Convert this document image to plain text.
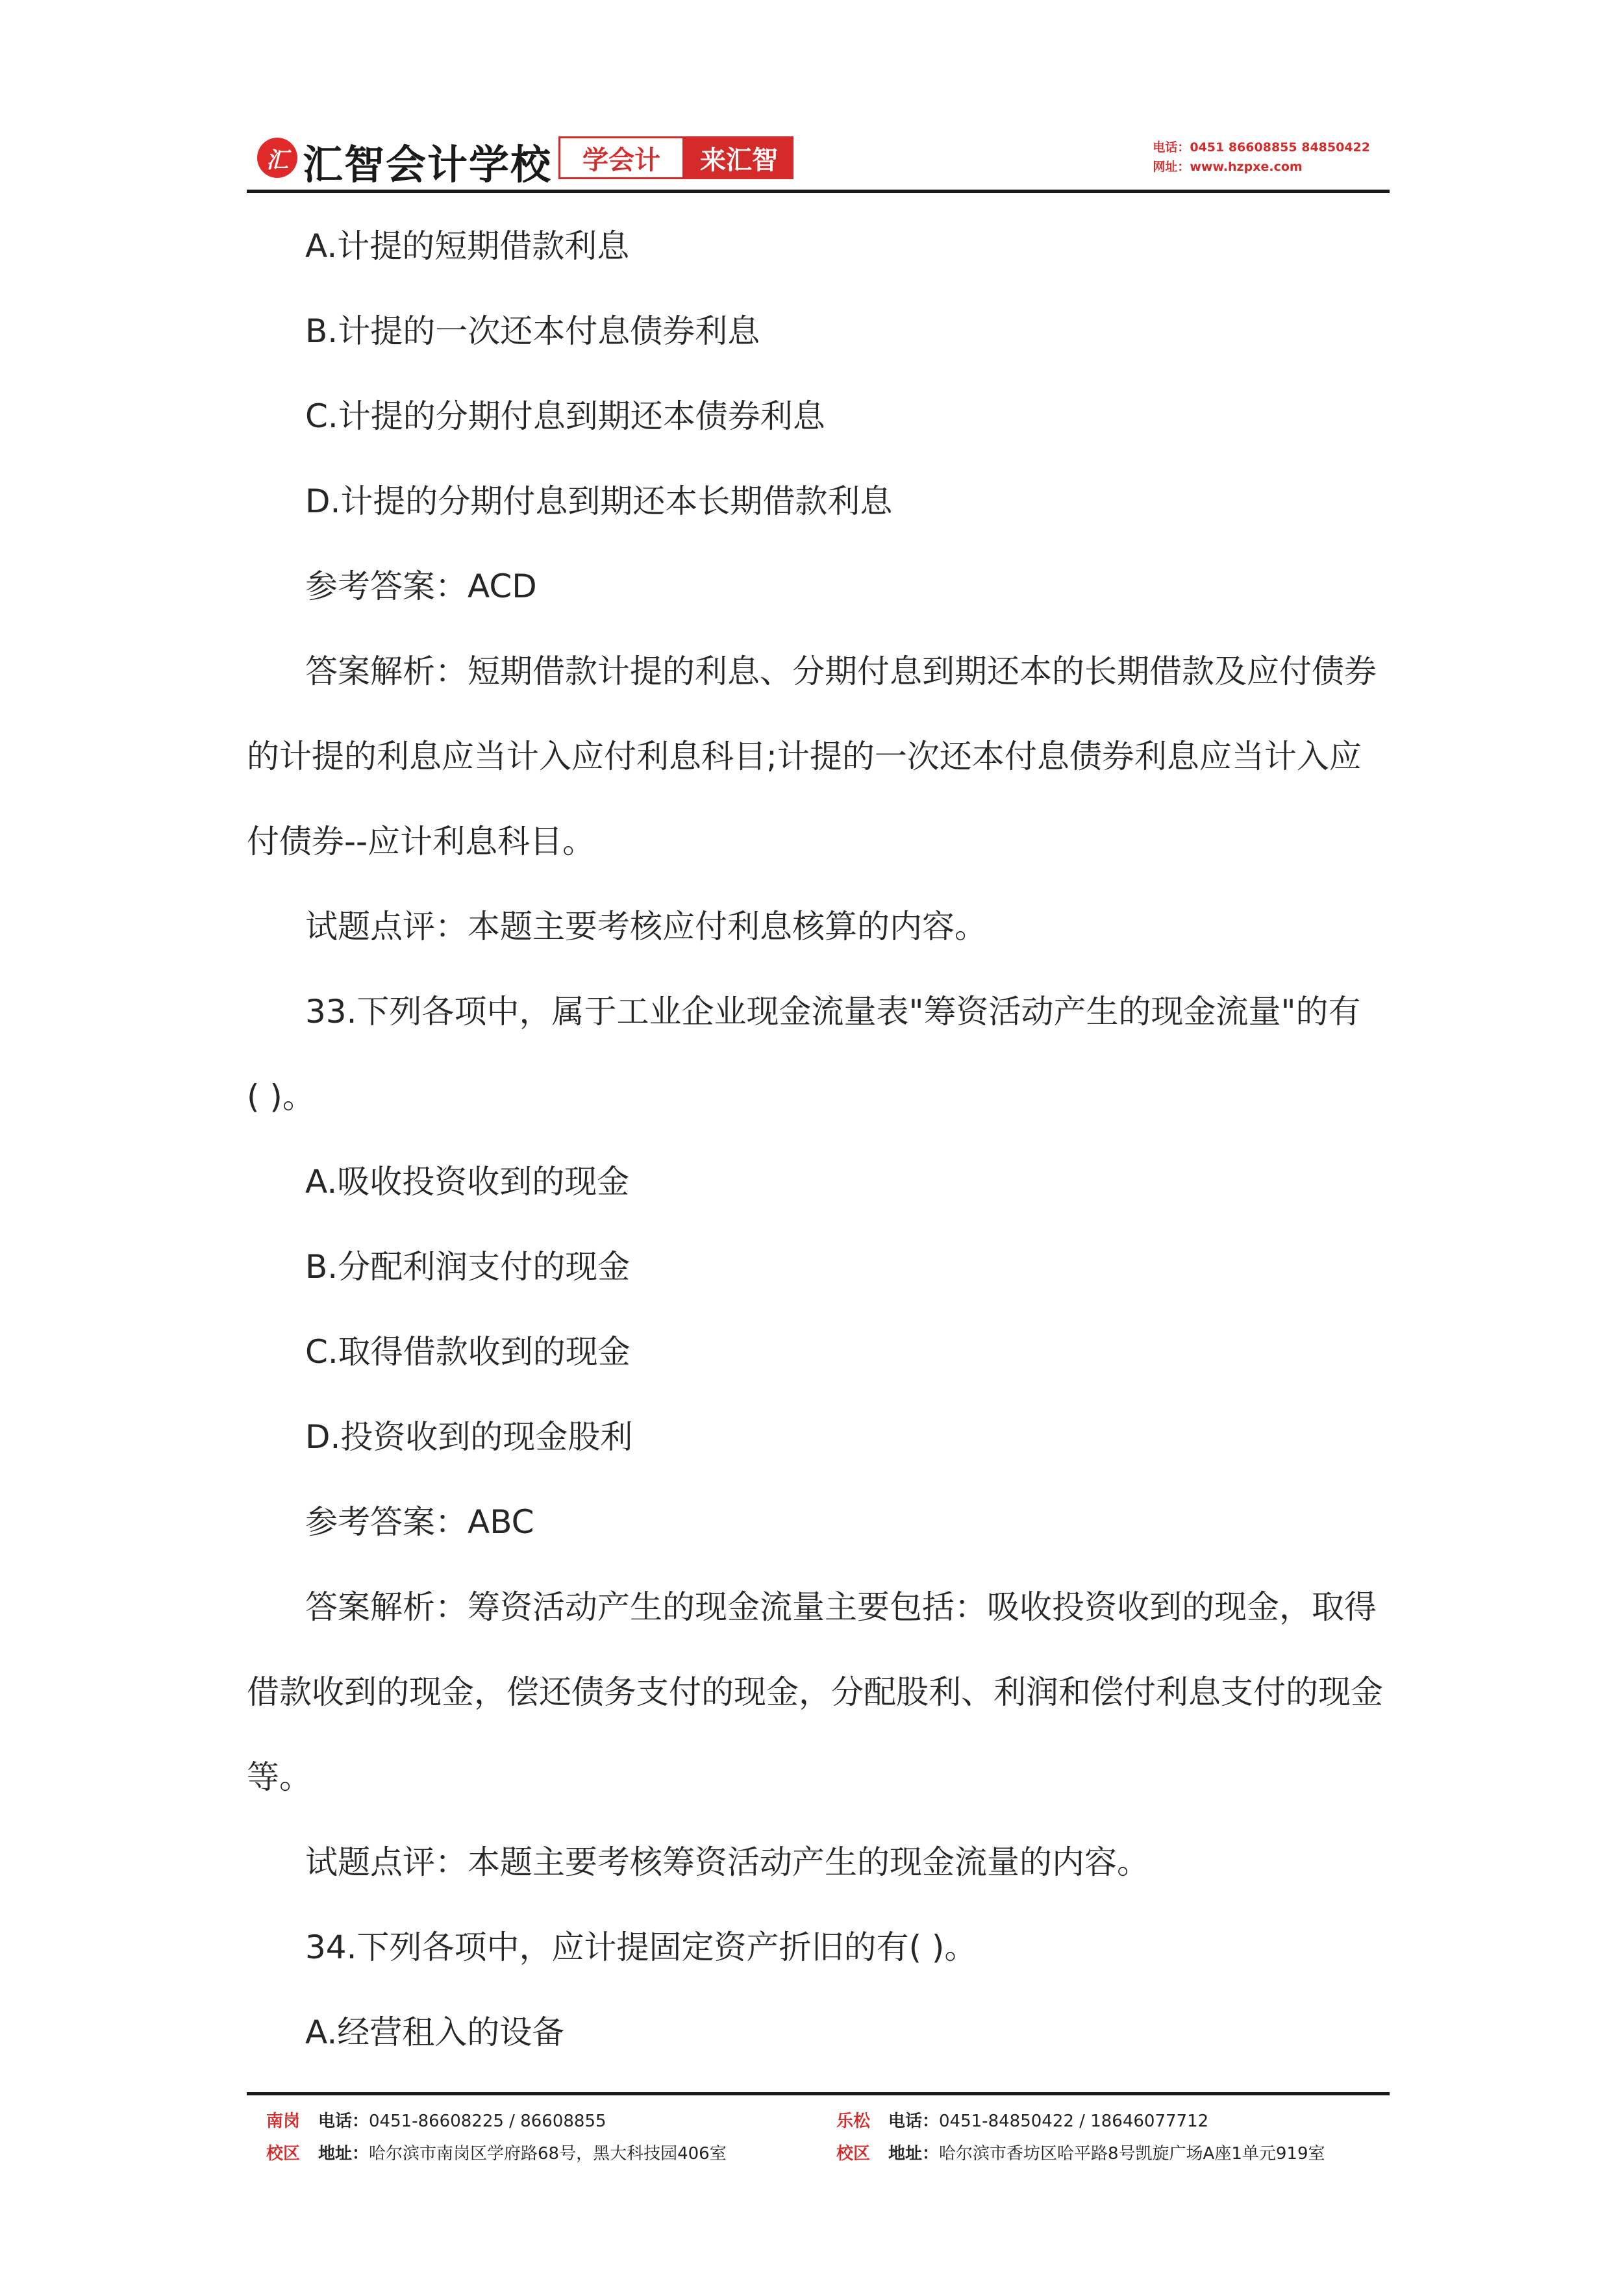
汇 汇智会计学校	学会计	来汇智	电话：0451 86608855 84850422
网址：www.hzpxe.com
A.计提的短期借款利息
B.计提的一次还本付息债券利息
C.计提的分期付息到期还本债券利息
D.计提的分期付息到期还本长期借款利息
参考答案：ACD
答案解析：短期借款计提的利息、分期付息到期还本的长期借款及应付债券
的计提的利息应当计入应付利息科目;计提的一次还本付息债券利息应当计入应
付债券--应计利息科目。
试题点评：本题主要考核应付利息核算的内容。
33.下列各项中，属于工业企业现金流量表"筹资活动产生的现金流量"的有
( )。
A.吸收投资收到的现金
B.分配利润支付的现金
C.取得借款收到的现金
D.投资收到的现金股利
参考答案：ABC
答案解析：筹资活动产生的现金流量主要包括：吸收投资收到的现金，取得
借款收到的现金，偿还债务支付的现金，分配股利、利润和偿付利息支付的现金
等。
试题点评：本题主要考核筹资活动产生的现金流量的内容。
34.下列各项中，应计提固定资产折旧的有( )。
A.经营租入的设备
南岗 电话：0451-86608225 / 86608855
校区 地址：哈尔滨市南岗区学府路68号，黑大科技园406室
乐松 电话：0451-84850422 / 18646077712
校区 地址：哈尔滨市香坊区哈平路8号凯旋广场A座1单元919室
